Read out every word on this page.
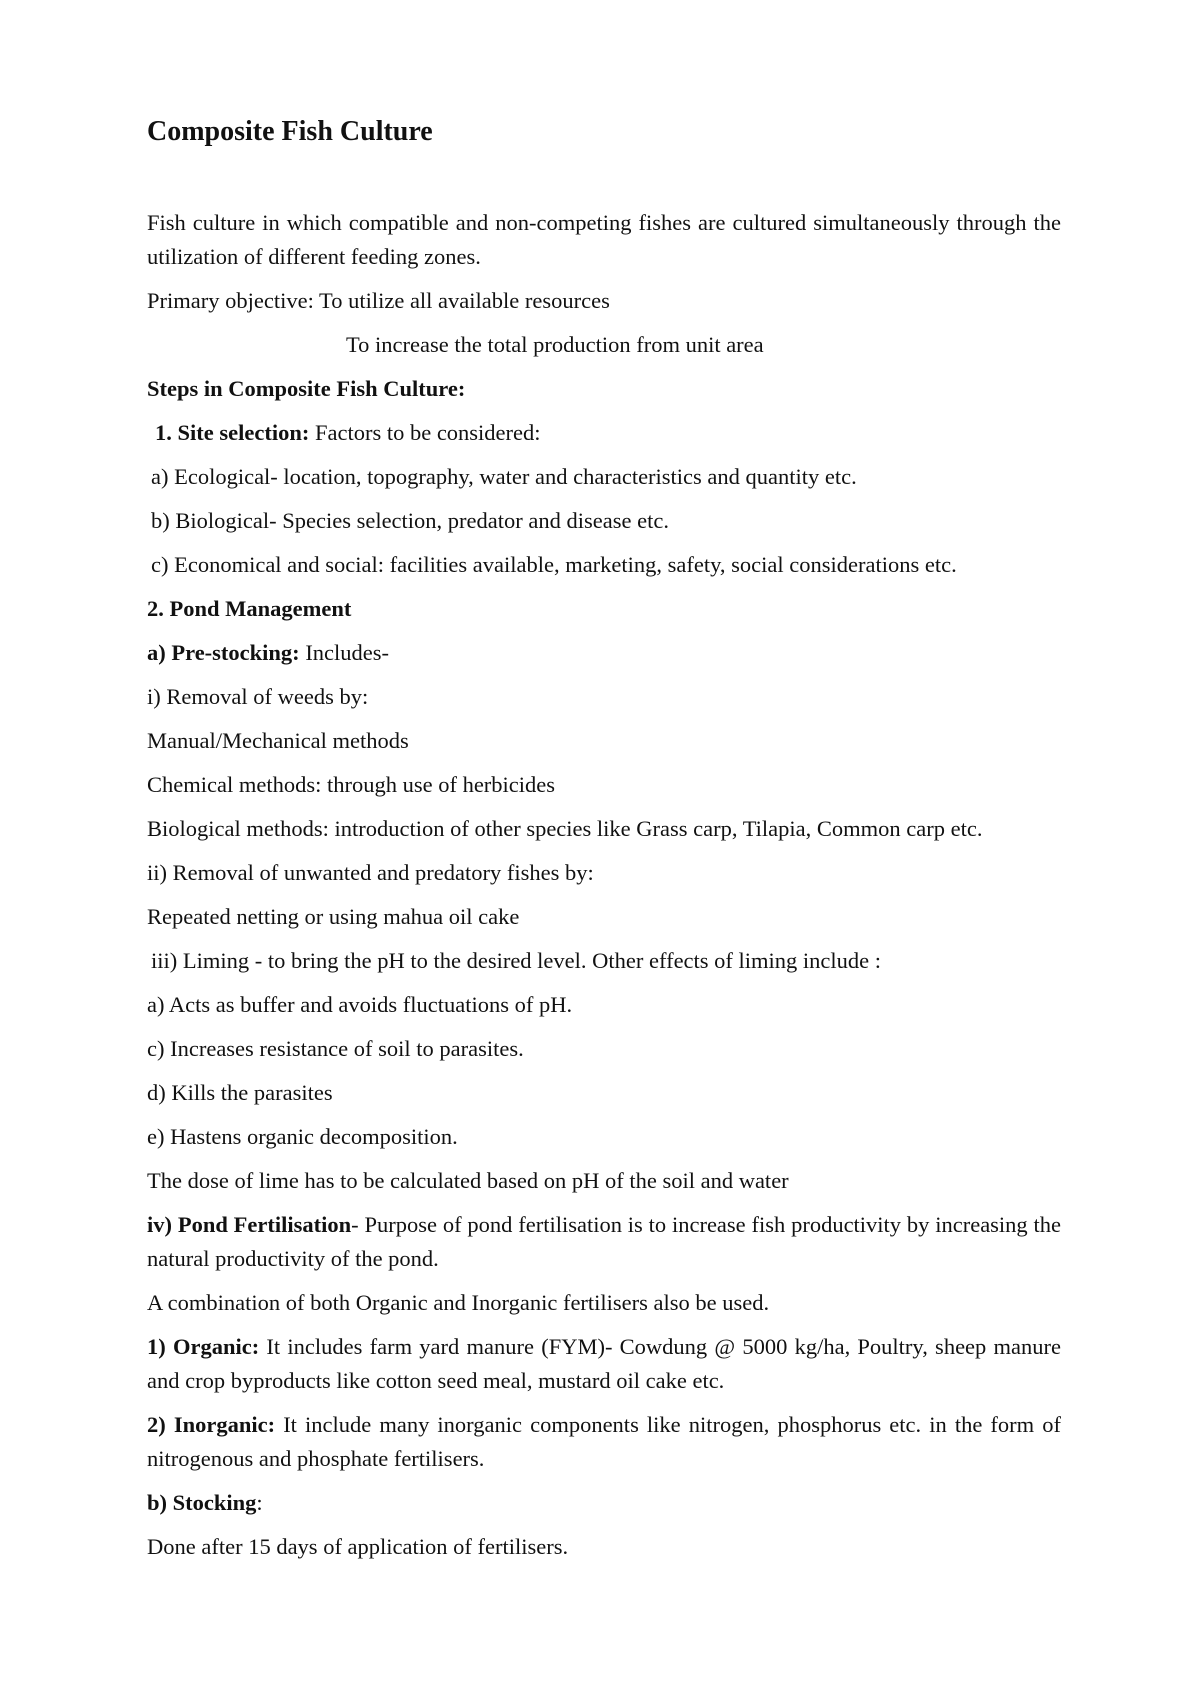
Composite Fish Culture

Fish culture in which compatible and non-competing fishes are cultured simultaneously through the utilization of different feeding zones.

Primary objective: To utilize all available resources

To increase the total production from unit area

Steps in Composite Fish Culture:

1. Site selection: Factors to be considered:

a) Ecological- location, topography, water and characteristics and quantity etc.

b) Biological- Species selection, predator and disease etc.

c) Economical and social: facilities available, marketing, safety, social considerations etc.

2. Pond Management

a) Pre-stocking: Includes-

i) Removal of weeds by:

Manual/Mechanical methods

Chemical methods: through use of herbicides

Biological methods: introduction of other species like Grass carp, Tilapia, Common carp etc.

ii) Removal of unwanted and predatory fishes by:

Repeated netting or using mahua oil cake

iii) Liming - to bring the pH to the desired level. Other effects of liming include :

a) Acts as buffer and avoids fluctuations of pH.

c) Increases resistance of soil to parasites.

d) Kills the parasites

e) Hastens organic decomposition.

The dose of lime has to be calculated based on pH of the soil and water

iv) Pond Fertilisation- Purpose of pond fertilisation is to increase fish productivity by increasing the natural productivity of the pond.

A combination of both Organic and Inorganic fertilisers also be used.

1) Organic: It includes farm yard manure (FYM)- Cowdung @ 5000 kg/ha, Poultry, sheep manure and crop byproducts like cotton seed meal, mustard oil cake etc.

2) Inorganic: It include many inorganic components like nitrogen, phosphorus etc. in the form of nitrogenous and phosphate fertilisers.

b) Stocking:

Done after 15 days of application of fertilisers.
